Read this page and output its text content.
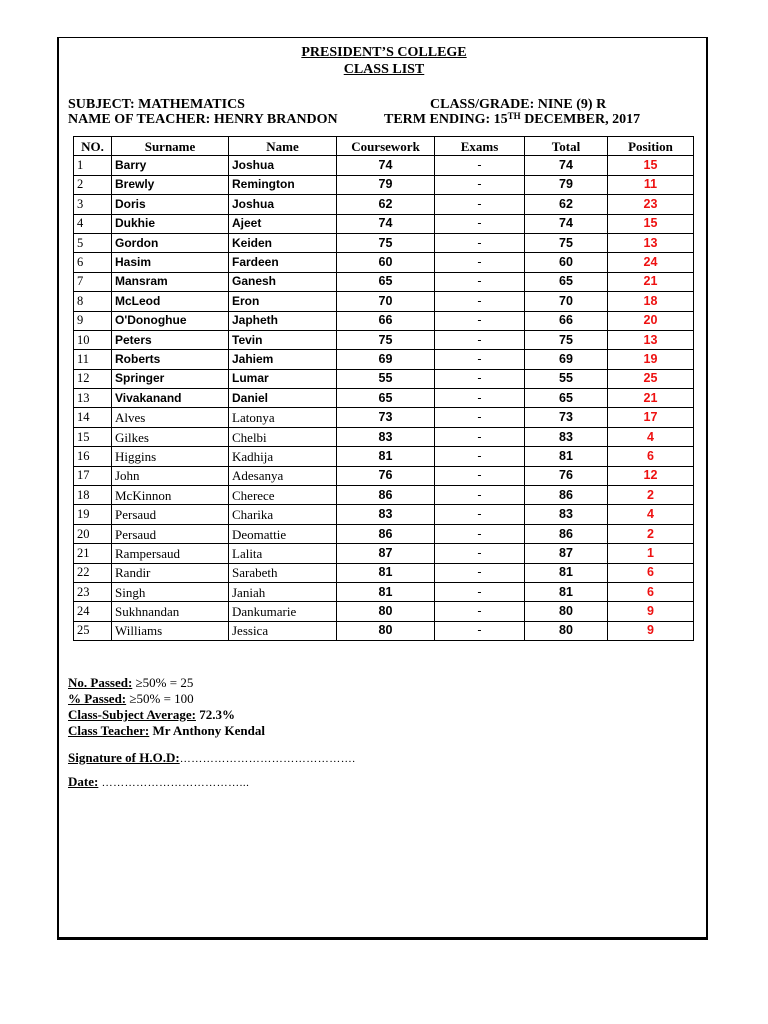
PRESIDENT’S COLLEGE
CLASS LIST
SUBJECT: MATHEMATICS
NAME OF TEACHER: HENRY BRANDON
CLASS/GRADE: NINE (9) R
TERM ENDING: 15TH DECEMBER, 2017
NO.	Surname	Name	Coursework	Exams	Total	Position
1	Barry	Joshua	74	-	74	15
2	Brewly	Remington	79	-	79	11
3	Doris	Joshua	62	-	62	23
4	Dukhie	Ajeet	74	-	74	15
5	Gordon	Keiden	75	-	75	13
6	Hasim	Fardeen	60	-	60	24
7	Mansram	Ganesh	65	-	65	21
8	McLeod	Eron	70	-	70	18
9	O'Donoghue	Japheth	66	-	66	20
10	Peters	Tevin	75	-	75	13
11	Roberts	Jahiem	69	-	69	19
12	Springer	Lumar	55	-	55	25
13	Vivakanand	Daniel	65	-	65	21
14	Alves	Latonya	73	-	73	17
15	Gilkes	Chelbi	83	-	83	4
16	Higgins	Kadhija	81	-	81	6
17	John	Adesanya	76	-	76	12
18	McKinnon	Cherece	86	-	86	2
19	Persaud	Charika	83	-	83	4
20	Persaud	Deomattie	86	-	86	2
21	Rampersaud	Lalita	87	-	87	1
22	Randir	Sarabeth	81	-	81	6
23	Singh	Janiah	81	-	81	6
24	Sukhnandan	Dankumarie	80	-	80	9
25	Williams	Jessica	80	-	80	9
No. Passed: ≥50% = 25
% Passed: ≥50% = 100
Class-Subject Average: 72.3%
Class Teacher: Mr Anthony Kendal
Signature of H.O.D:……………………………………….
Date: ………………………………...
